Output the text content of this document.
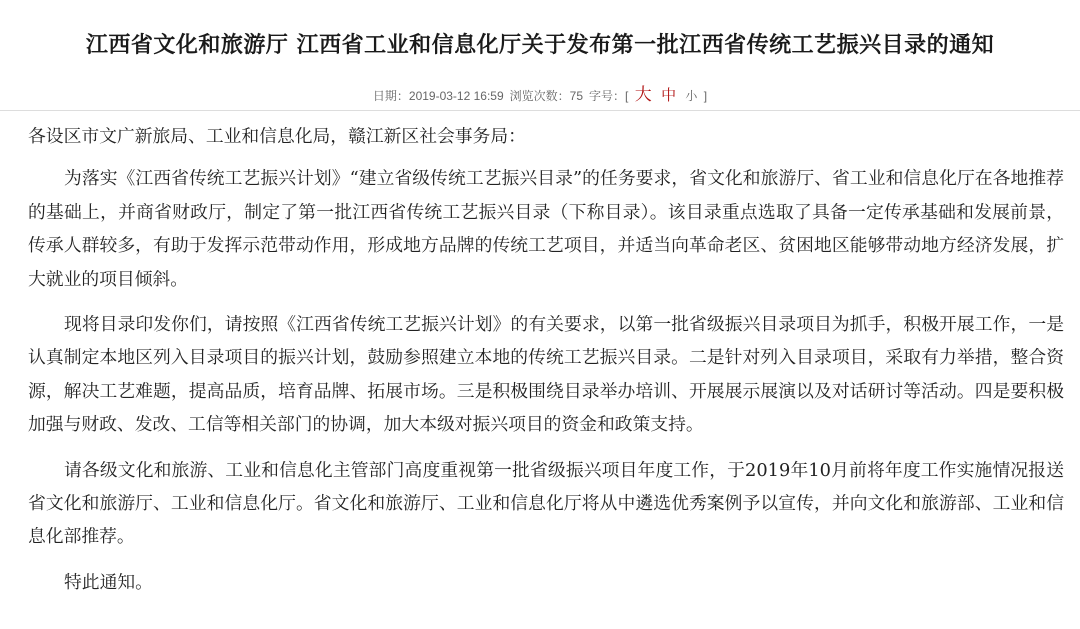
江西省文化和旅游厅 江西省工业和信息化厅关于发布第一批江西省传统工艺振兴目录的通知
日期：2019-03-12 16:59 浏览次数：75 字号：[ 大 中 小 ]

各设区市文广新旅局、工业和信息化局，赣江新区社会事务局：

为落实《江西省传统工艺振兴计划》“建立省级传统工艺振兴目录”的任务要求，省文化和旅游厅、省工业和信息化厅在各地推荐的基础上，并商省财政厅，制定了第一批江西省传统工艺振兴目录（下称目录）。该目录重点选取了具备一定传承基础和发展前景，传承人群较多，有助于发挥示范带动作用，形成地方品牌的传统工艺项目，并适当向革命老区、贫困地区能够带动地方经济发展，扩大就业的项目倾斜。

现将目录印发你们，请按照《江西省传统工艺振兴计划》的有关要求，以第一批省级振兴目录项目为抓手，积极开展工作，一是认真制定本地区列入目录项目的振兴计划，鼓励参照建立本地的传统工艺振兴目录。二是针对列入目录项目，采取有力举措，整合资源，解决工艺难题，提高品质，培育品牌、拓展市场。三是积极围绕目录举办培训、开展展示展演以及对话研讨等活动。四是要积极加强与财政、发改、工信等相关部门的协调，加大本级对振兴项目的资金和政策支持。

请各级文化和旅游、工业和信息化主管部门高度重视第一批省级振兴项目年度工作，于2019年10月前将年度工作实施情况报送省文化和旅游厅、工业和信息化厅。省文化和旅游厅、工业和信息化厅将从中遴选优秀案例予以宣传，并向文化和旅游部、工业和信息化部推荐。

特此通知。
